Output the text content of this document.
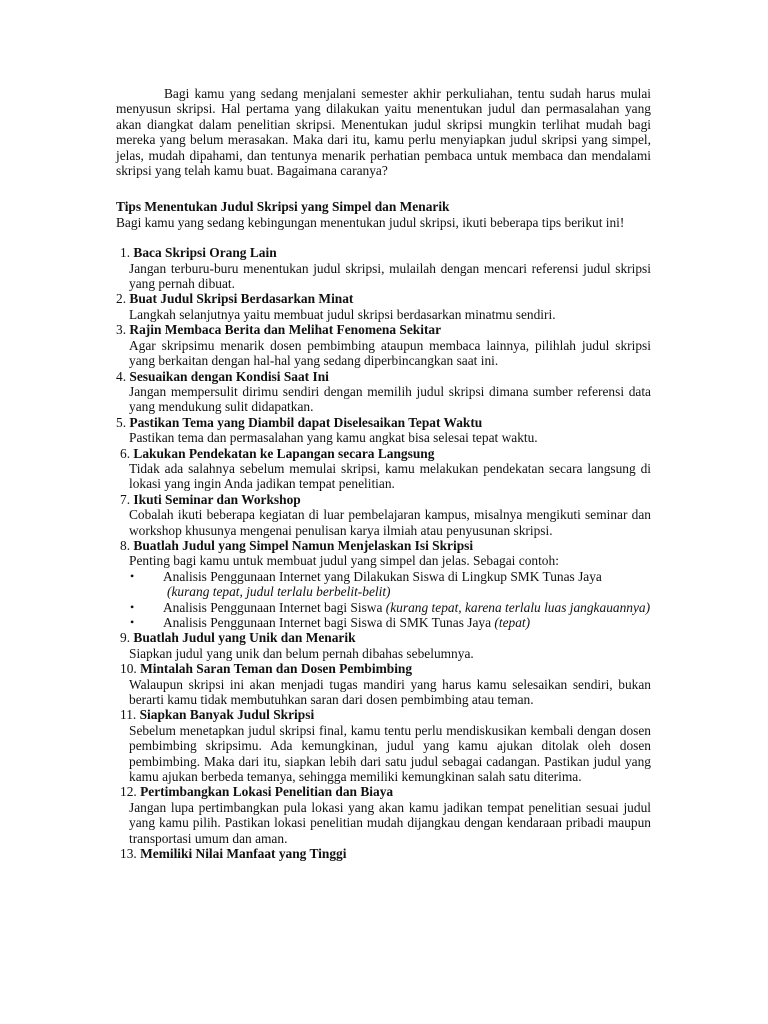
Bagi kamu yang sedang menjalani semester akhir perkuliahan, tentu sudah harus mulai menyusun skripsi. Hal pertama yang dilakukan yaitu menentukan judul dan permasalahan yang akan diangkat dalam penelitian skripsi. Menentukan judul skripsi mungkin terlihat mudah bagi mereka yang belum merasakan. Maka dari itu, kamu perlu menyiapkan judul skripsi yang simpel, jelas, mudah dipahami, dan tentunya menarik perhatian pembaca untuk membaca dan mendalami skripsi yang telah kamu buat. Bagaimana caranya?

Tips Menentukan Judul Skripsi yang Simpel dan Menarik

Bagi kamu yang sedang kebingungan menentukan judul skripsi, ikuti beberapa tips berikut ini!

1. Baca Skripsi Orang Lain
Jangan terburu-buru menentukan judul skripsi, mulailah dengan mencari referensi judul skripsi yang pernah dibuat.
2. Buat Judul Skripsi Berdasarkan Minat
Langkah selanjutnya yaitu membuat judul skripsi berdasarkan minatmu sendiri.
3. Rajin Membaca Berita dan Melihat Fenomena Sekitar
Agar skripsimu menarik dosen pembimbing ataupun membaca lainnya, pilihlah judul skripsi yang berkaitan dengan hal-hal yang sedang diperbincangkan saat ini.
4. Sesuaikan dengan Kondisi Saat Ini
Jangan mempersulit dirimu sendiri dengan memilih judul skripsi dimana sumber referensi data yang mendukung sulit didapatkan.
5. Pastikan Tema yang Diambil dapat Diselesaikan Tepat Waktu
Pastikan tema dan permasalahan yang kamu angkat bisa selesai tepat waktu.
6. Lakukan Pendekatan ke Lapangan secara Langsung
Tidak ada salahnya sebelum memulai skripsi, kamu melakukan pendekatan secara langsung di lokasi yang ingin Anda jadikan tempat penelitian.
7. Ikuti Seminar dan Workshop
Cobalah ikuti beberapa kegiatan di luar pembelajaran kampus, misalnya mengikuti seminar dan workshop khusunya mengenai penulisan karya ilmiah atau penyusunan skripsi.
8. Buatlah Judul yang Simpel Namun Menjelaskan Isi Skripsi
Penting bagi kamu untuk membuat judul yang simpel dan jelas. Sebagai contoh:
• Analisis Penggunaan Internet yang Dilakukan Siswa di Lingkup SMK Tunas Jaya
(kurang tepat, judul terlalu berbelit-belit)
• Analisis Penggunaan Internet bagi Siswa (kurang tepat, karena terlalu luas jangkauannya)
• Analisis Penggunaan Internet bagi Siswa di SMK Tunas Jaya (tepat)
9. Buatlah Judul yang Unik dan Menarik
Siapkan judul yang unik dan belum pernah dibahas sebelumnya.
10. Mintalah Saran Teman dan Dosen Pembimbing
Walaupun skripsi ini akan menjadi tugas mandiri yang harus kamu selesaikan sendiri, bukan berarti kamu tidak membutuhkan saran dari dosen pembimbing atau teman.
11. Siapkan Banyak Judul Skripsi
Sebelum menetapkan judul skripsi final, kamu tentu perlu mendiskusikan kembali dengan dosen pembimbing skripsimu. Ada kemungkinan, judul yang kamu ajukan ditolak oleh dosen pembimbing. Maka dari itu, siapkan lebih dari satu judul sebagai cadangan. Pastikan judul yang kamu ajukan berbeda temanya, sehingga memiliki kemungkinan salah satu diterima.
12. Pertimbangkan Lokasi Penelitian dan Biaya
Jangan lupa pertimbangkan pula lokasi yang akan kamu jadikan tempat penelitian sesuai judul yang kamu pilih. Pastikan lokasi penelitian mudah dijangkau dengan kendaraan pribadi maupun transportasi umum dan aman.
13. Memiliki Nilai Manfaat yang Tinggi
